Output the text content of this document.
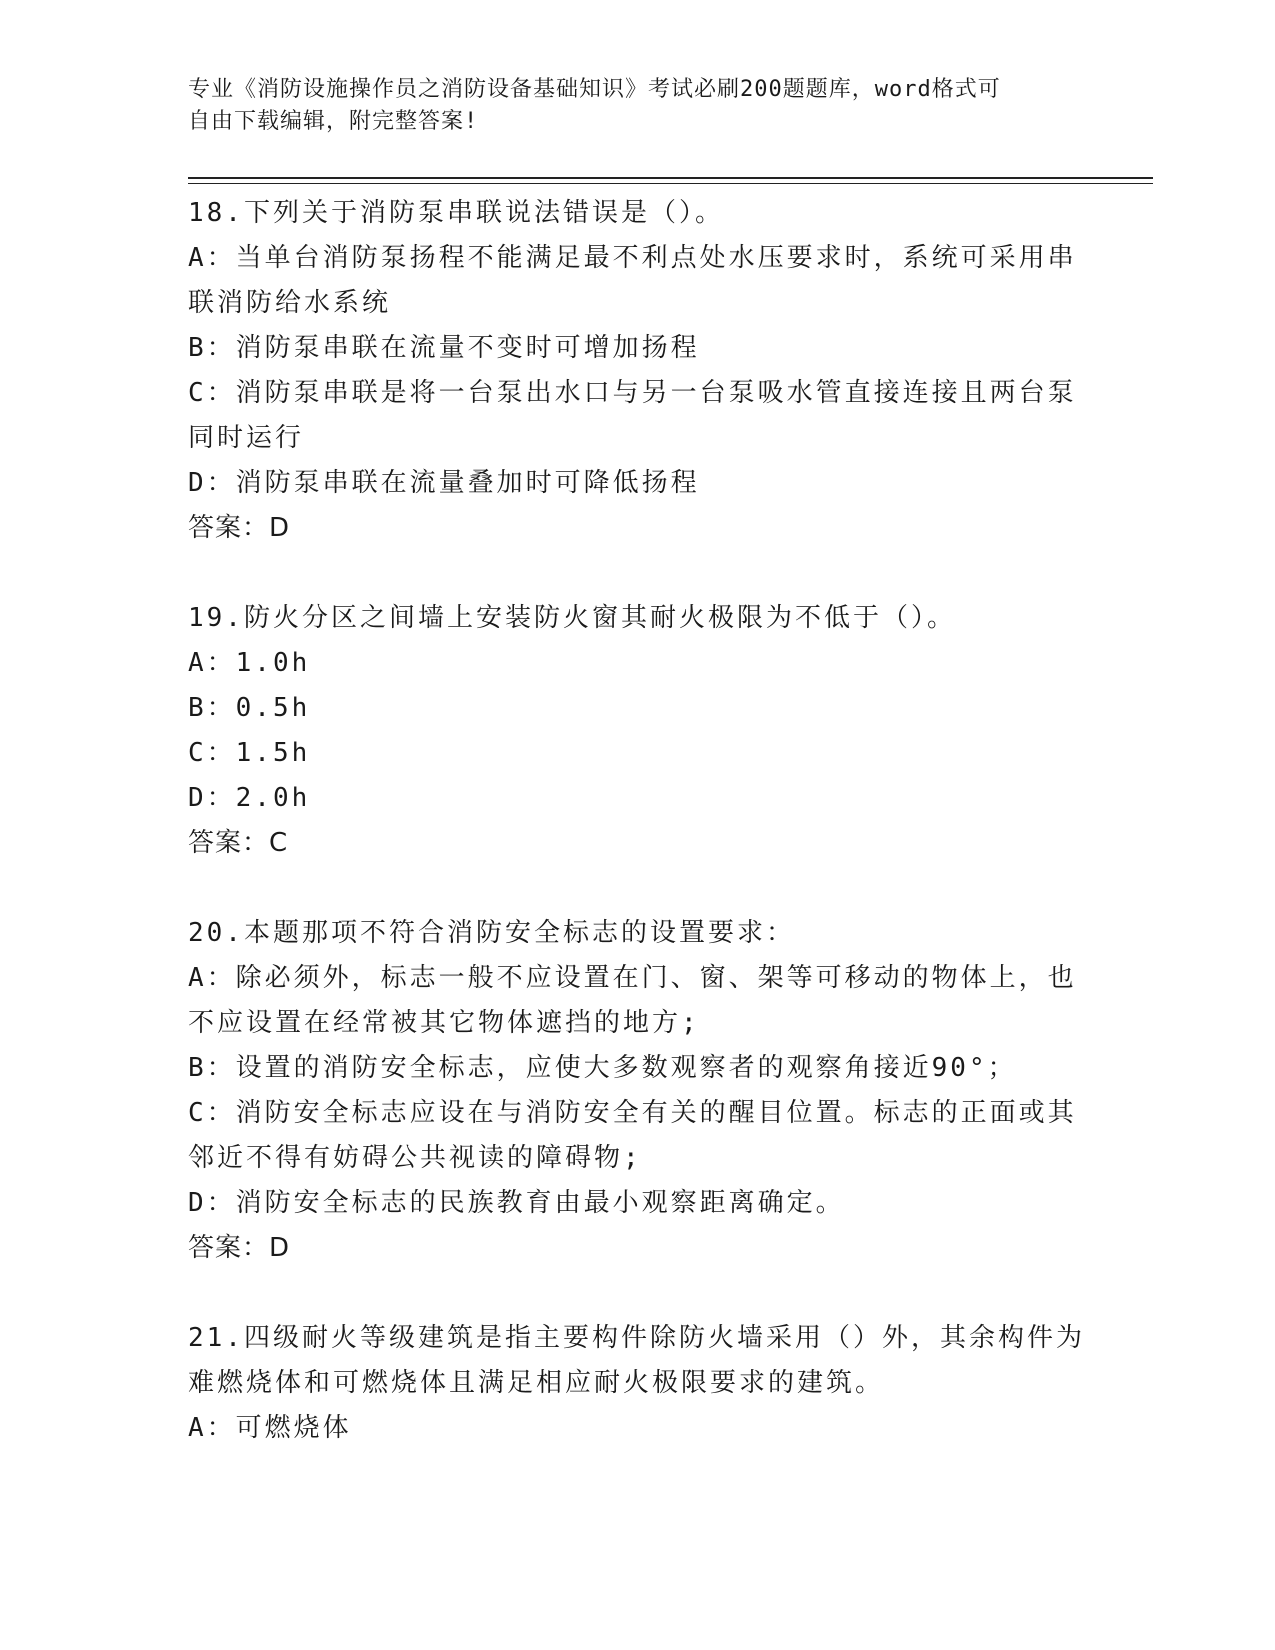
专业《消防设施操作员之消防设备基础知识》考试必刷200题题库，word格式可
自由下载编辑，附完整答案!

18.下列关于消防泵串联说法错误是（）。

A：当单台消防泵扬程不能满足最不利点处水压要求时，系统可采用串

联消防给水系统

B：消防泵串联在流量不变时可增加扬程

C：消防泵串联是将一台泵出水口与另一台泵吸水管直接连接且两台泵

同时运行

D：消防泵串联在流量叠加时可降低扬程

答案：D

19.防火分区之间墙上安装防火窗其耐火极限为不低于（）。

A：1.0h

B：0.5h

C：1.5h

D：2.0h

答案：C

20.本题那项不符合消防安全标志的设置要求：

A：除必须外，标志一般不应设置在门、窗、架等可移动的物体上，也

不应设置在经常被其它物体遮挡的地方;

B：设置的消防安全标志，应使大多数观察者的观察角接近90°；

C：消防安全标志应设在与消防安全有关的醒目位置。标志的正面或其

邻近不得有妨碍公共视读的障碍物;

D：消防安全标志的民族教育由最小观察距离确定。

答案：D

21.四级耐火等级建筑是指主要构件除防火墙采用（）外，其余构件为

难燃烧体和可燃烧体且满足相应耐火极限要求的建筑。

A：可燃烧体
